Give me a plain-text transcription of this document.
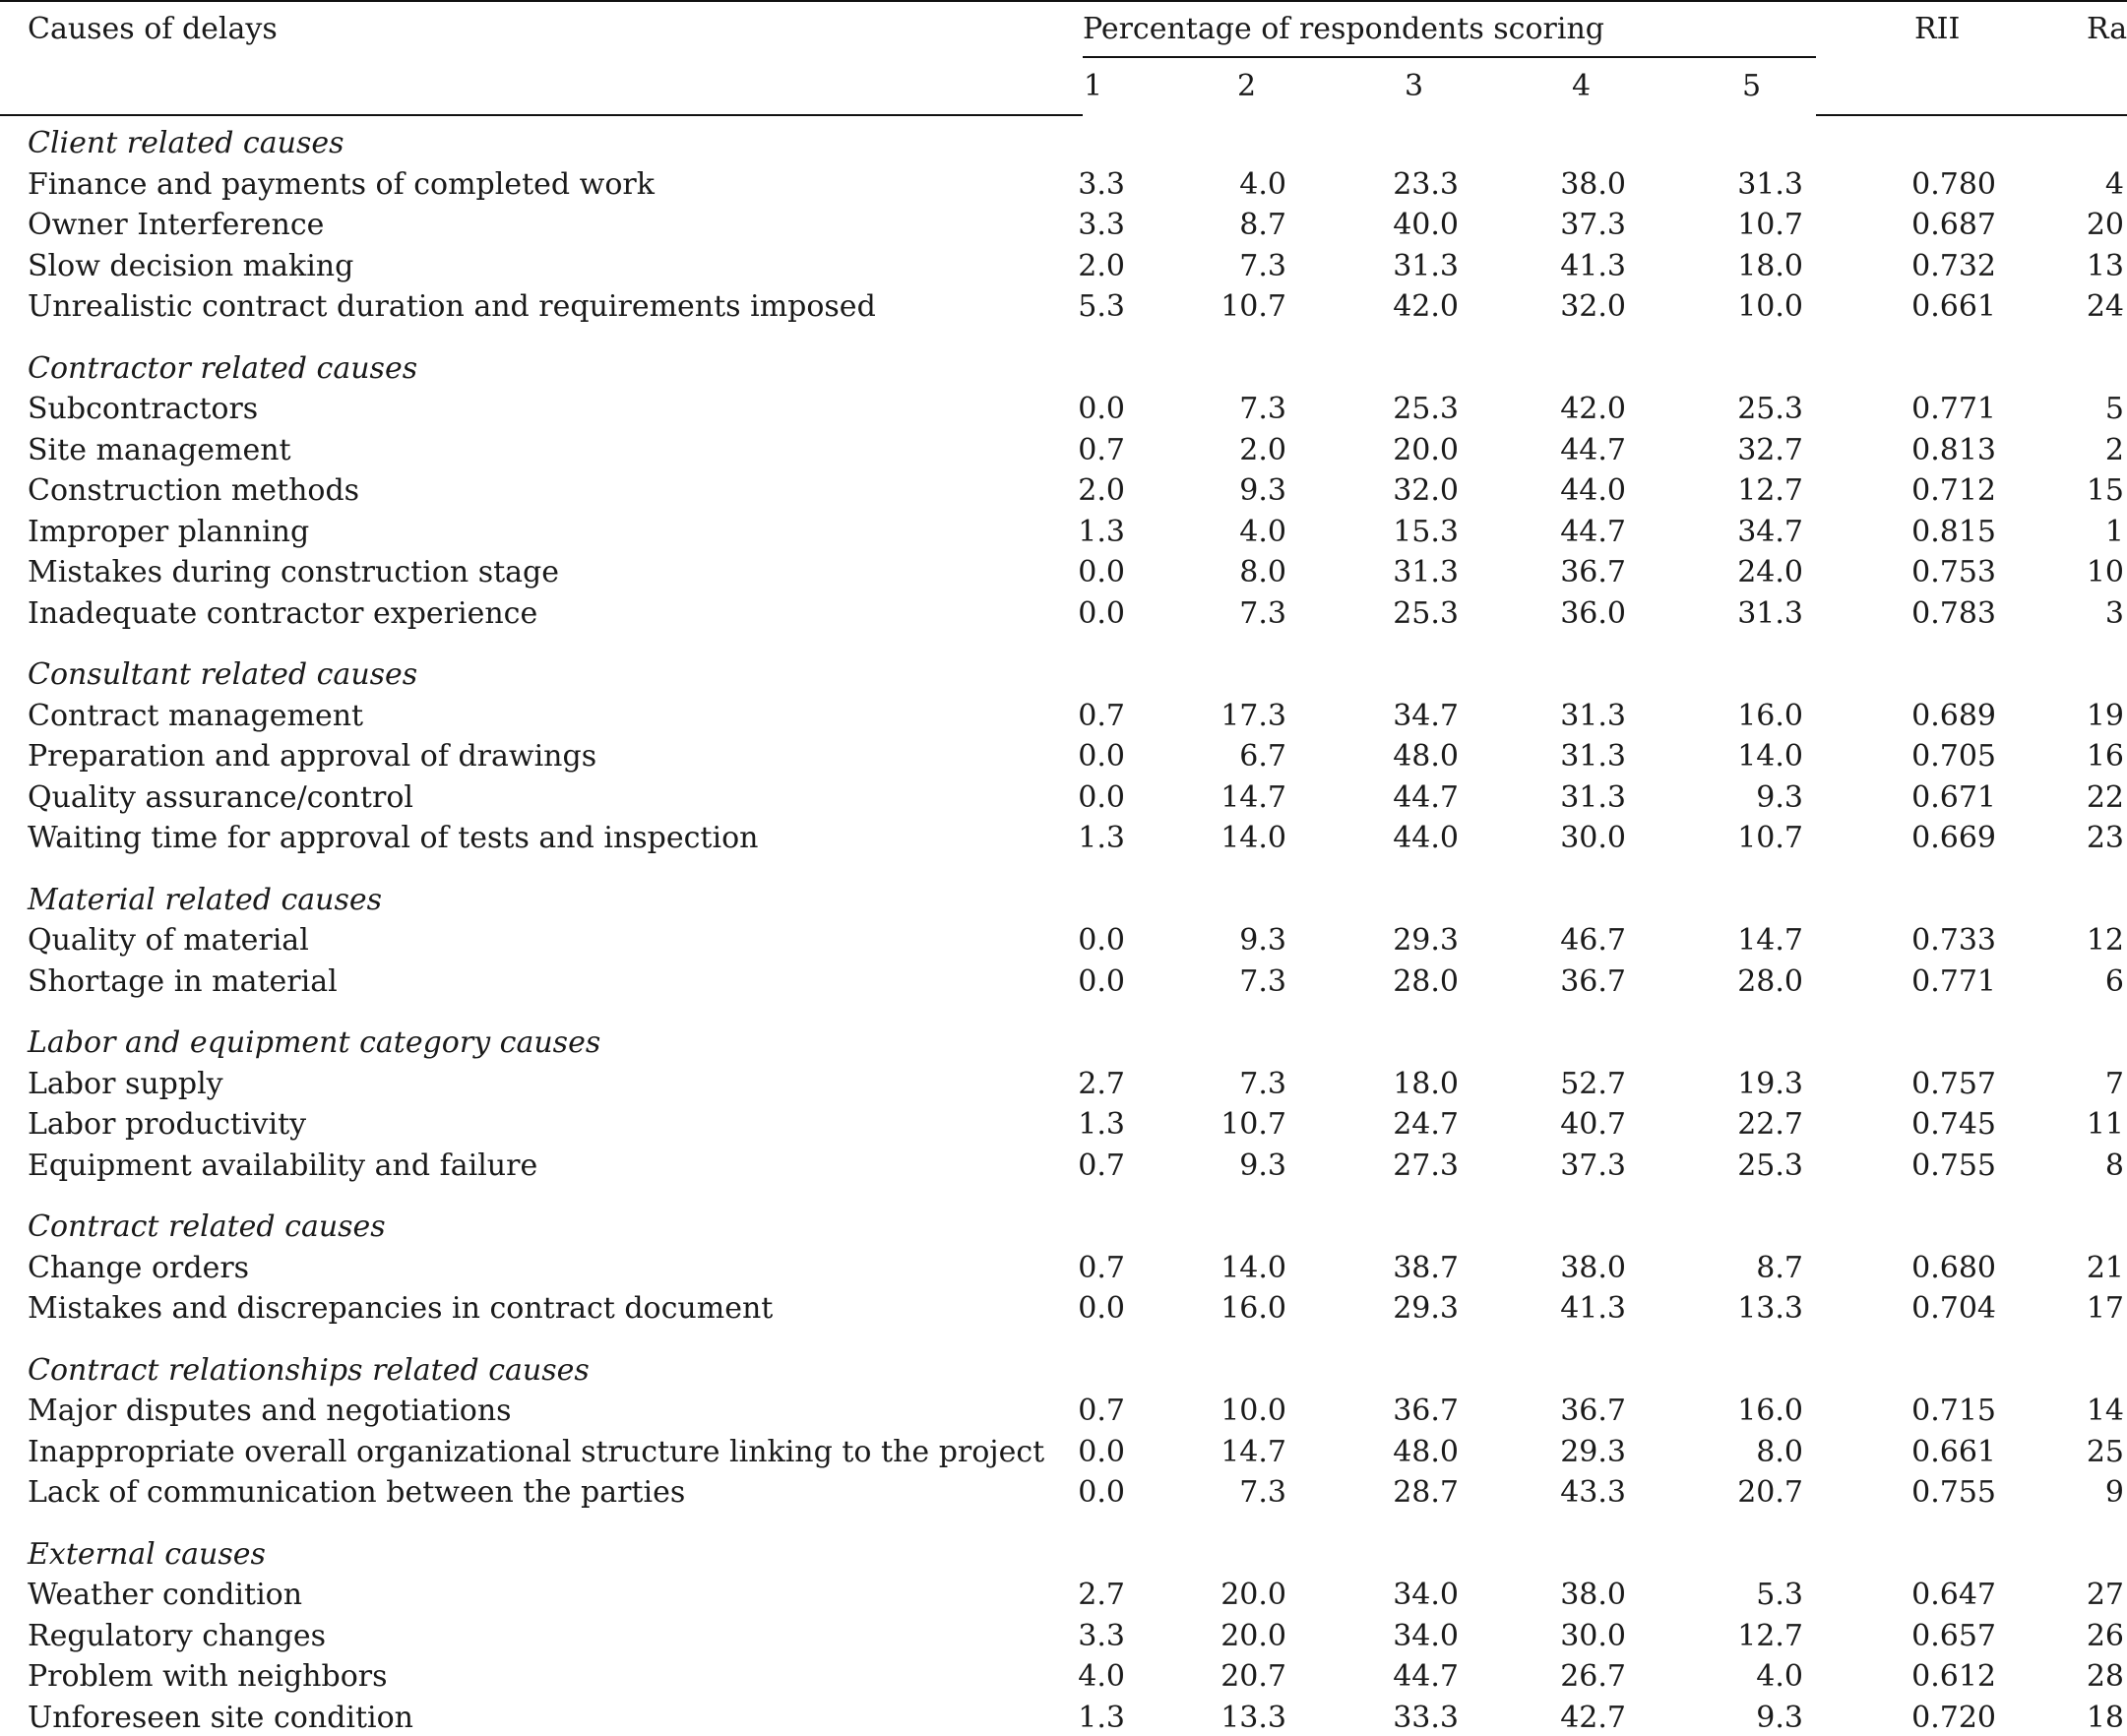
Causes of delays	Percentage of respondents scoring
1	2	3	4	5
RII	Ra
Client related causes
Finance and payments of completed work	3.3	4.0	23.3	38.0	31.3	0.780	4
Owner Interference	3.3	8.7	40.0	37.3	10.7	0.687	20
Slow decision making	2.0	7.3	31.3	41.3	18.0	0.732	13
Unrealistic contract duration and requirements imposed	5.3	10.7	42.0	32.0	10.0	0.661	24
Contractor related causes
Subcontractors	0.0	7.3	25.3	42.0	25.3	0.771	5
Site management	0.7	2.0	20.0	44.7	32.7	0.813	2
Construction methods	2.0	9.3	32.0	44.0	12.7	0.712	15
Improper planning	1.3	4.0	15.3	44.7	34.7	0.815	1
Mistakes during construction stage	0.0	8.0	31.3	36.7	24.0	0.753	10
Inadequate contractor experience	0.0	7.3	25.3	36.0	31.3	0.783	3
Consultant related causes
Contract management	0.7	17.3	34.7	31.3	16.0	0.689	19
Preparation and approval of drawings	0.0	6.7	48.0	31.3	14.0	0.705	16
Quality assurance/control	0.0	14.7	44.7	31.3	9.3	0.671	22
Waiting time for approval of tests and inspection	1.3	14.0	44.0	30.0	10.7	0.669	23
Material related causes
Quality of material	0.0	9.3	29.3	46.7	14.7	0.733	12
Shortage in material	0.0	7.3	28.0	36.7	28.0	0.771	6
Labor and equipment category causes
Labor supply	2.7	7.3	18.0	52.7	19.3	0.757	7
Labor productivity	1.3	10.7	24.7	40.7	22.7	0.745	11
Equipment availability and failure	0.7	9.3	27.3	37.3	25.3	0.755	8
Contract related causes
Change orders	0.7	14.0	38.7	38.0	8.7	0.680	21
Mistakes and discrepancies in contract document	0.0	16.0	29.3	41.3	13.3	0.704	17
Contract relationships related causes
Major disputes and negotiations	0.7	10.0	36.7	36.7	16.0	0.715	14
Inappropriate overall organizational structure linking to the project 0.0	14.7	48.0	29.3	8.0	0.661	25
Lack of communication between the parties	0.0	7.3	28.7	43.3	20.7	0.755	9
External causes
Weather condition	2.7	20.0	34.0	38.0	5.3	0.647	27
Regulatory changes	3.3	20.0	34.0	30.0	12.7	0.657	26
Problem with neighbors	4.0	20.7	44.7	26.7	4.0	0.612	28
Unforeseen site condition	1.3	13.3	33.3	42.7	9.3	0.720	18
